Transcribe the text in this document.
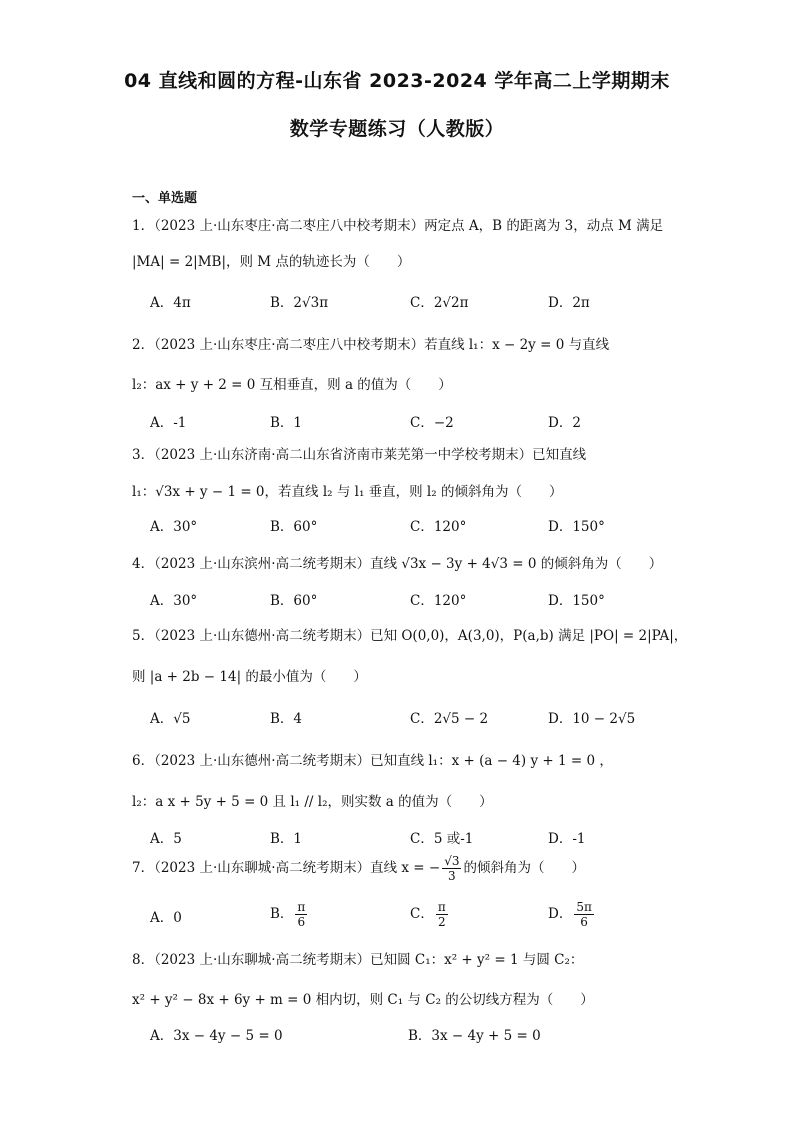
04 直线和圆的方程-山东省 2023-2024 学年高二上学期期末
数学专题练习（人教版）
一、单选题
1．（2023 上·山东枣庄·高二枣庄八中校考期末）两定点 A，B 的距离为 3，动点 M 满足
|MA| = 2|MB|，则 M 点的轨迹长为（　　）
A．4π	B．2√3π	C．2√2π	D．2π
2．（2023 上·山东枣庄·高二枣庄八中校考期末）若直线 l₁：x − 2y = 0 与直线
l₂：ax + y + 2 = 0 互相垂直，则 a 的值为（　　）
A．-1	B．1	C．−2	D．2
3．（2023 上·山东济南·高二山东省济南市莱芜第一中学校考期末）已知直线
l₁：√3x + y − 1 = 0，若直线 l₂ 与 l₁ 垂直，则 l₂ 的倾斜角为（　　）
A．30°	B．60°	C．120°	D．150°
4．（2023 上·山东滨州·高二统考期末）直线 √3x − 3y + 4√3 = 0 的倾斜角为（　　）
A．30°	B．60°	C．120°	D．150°
5．（2023 上·山东德州·高二统考期末）已知 O(0,0)，A(3,0)，P(a,b) 满足 |PO| = 2|PA|，
则 |a + 2b − 14| 的最小值为（　　）
A．√5	B．4	C．2√5 − 2	D．10 − 2√5
6．（2023 上·山东德州·高二统考期末）已知直线 l₁：x + (a − 4) y + 1 = 0 ，
l₂：a x + 5y + 5 = 0 且 l₁ // l₂，则实数 a 的值为（　　）
A．5	B．1	C．5 或-1	D．-1
7．（2023 上·山东聊城·高二统考期末）直线 x = − $\frac{√3}{3}$ 的倾斜角为（　　）
A．0	B． $\frac{\pi}{6}$	C． $\frac{\pi}{2}$	D． $\frac{5\pi}{6}$
8．（2023 上·山东聊城·高二统考期末）已知圆 C₁：x² + y² = 1 与圆 C₂：
x² + y² − 8x + 6y + m = 0 相内切，则 C₁ 与 C₂ 的公切线方程为（　　）
A．3x − 4y − 5 = 0	B．3x − 4y + 5 = 0
